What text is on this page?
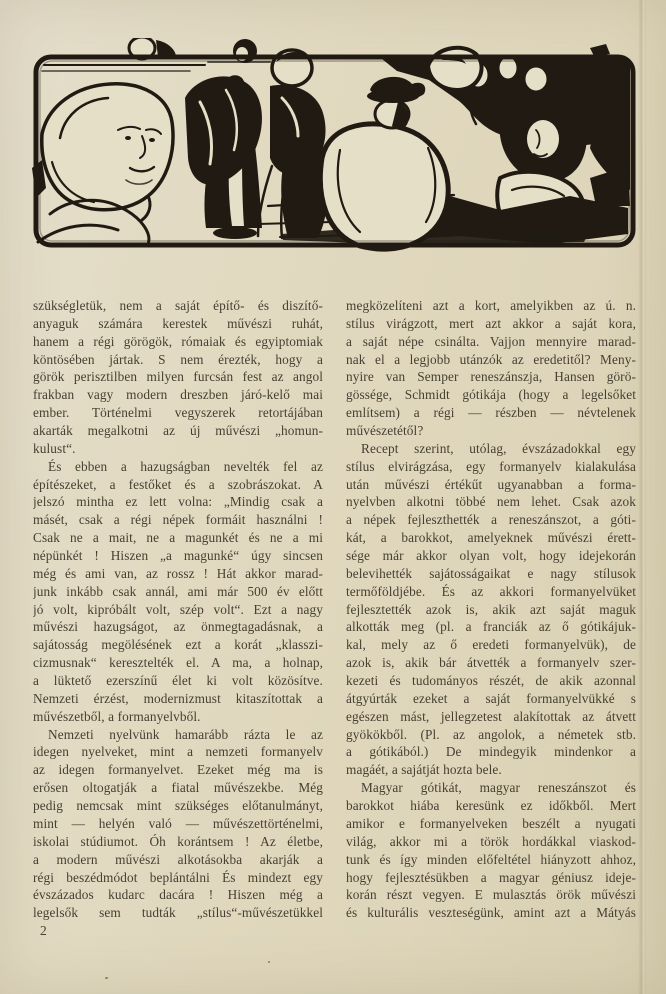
szükségletük, nem a saját építő- és diszítő-
anyaguk számára kerestek művészi ruhát,
hanem a régi görögök, rómaiak és egyiptomiak
köntösében jártak. S nem érezték, hogy a
görök perisztilben milyen furcsán fest az angol
frakban vagy modern dreszben járó-kelő mai
ember. Történelmi vegyszerek retortájában
akarták megalkotni az új művészi „homun-
kulust“.
És ebben a hazugságban nevelték fel az
építészeket, a festőket és a szobrászokat. A
jelszó mintha ez lett volna: „Mindig csak a
másét, csak a régi népek formáit használni !
Csak ne a mait, ne a magunkét és ne a mi
népünkét ! Hiszen „a magunké“ úgy sincsen
még és ami van, az rossz ! Hát akkor marad-
junk inkább csak annál, ami már 500 év előtt
jó volt, kipróbált volt, szép volt“. Ezt a nagy
művészi hazugságot, az önmegtagadásnak, a
sajátosság megölésének ezt a korát „klasszi-
cizmusnak“ keresztelték el. A ma, a holnap,
a lüktető ezerszínű élet ki volt közösítve.
Nemzeti érzést, modernizmust kitaszítottak a
művészetből, a formanyelvből.
Nemzeti nyelvünk hamarább rázta le az
idegen nyelveket, mint a nemzeti formanyelv
az idegen formanyelvet. Ezeket még ma is
erősen oltogatják a fiatal művészekbe. Még
pedig nemcsak mint szükséges előtanulmányt,
mint — helyén való — művészettörténelmi,
iskolai stúdiumot. Óh korántsem ! Az életbe,
a modern művészi alkotásokba akarják a
régi beszédmódot beplántálni És mindezt egy
évszázados kudarc dacára ! Hiszen még a
legelsők sem tudták „stílus“-művészetükkel
megközelíteni azt a kort, amelyikben az ú. n.
stílus virágzott, mert azt akkor a saját kora,
a saját népe csinálta. Vajjon mennyire marad-
nak el a legjobb utánzók az eredetitől? Meny-
nyire van Semper reneszánszja, Hansen görö-
gössége, Schmidt gótikája (hogy a legelsőket
említsem) a régi — részben — névtelenek
művészetétől?
Recept szerint, utólag, évszázadokkal egy
stílus elvirágzása, egy formanyelv kialakulása
után művészi értékűt ugyanabban a forma-
nyelvben alkotni többé nem lehet. Csak azok
a népek fejleszthették a reneszánszot, a góti-
kát, a barokkot, amelyeknek művészi érett-
sége már akkor olyan volt, hogy idejekorán
belevihették sajátosságaikat e nagy stílusok
termőföldjébe. És az akkori formanyelvüket
fejlesztették azok is, akik azt saját maguk
alkották meg (pl. a franciák az ő gótikájuk-
kal, mely az ő eredeti formanyelvük), de
azok is, akik bár átvették a formanyelv szer-
kezeti és tudományos részét, de akik azonnal
átgyúrták ezeket a saját formanyelvükké s
egészen mást, jellegzetest alakítottak az átvett
gyökökből. (Pl. az angolok, a németek stb.
a gótikából.) De mindegyik mindenkor a
magáét, a sajátját hozta bele.
Magyar gótikát, magyar reneszánszot és
barokkot hiába keresünk ez időkből. Mert
amikor e formanyelveken beszélt a nyugati
világ, akkor mi a török hordákkal viaskod-
tunk és így minden előfeltétel hiányzott ahhoz,
hogy fejlesztésükben a magyar géniusz ideje-
korán részt vegyen. E mulasztás örök művészi
és kulturális veszteségünk, amint azt a Mátyás
2
